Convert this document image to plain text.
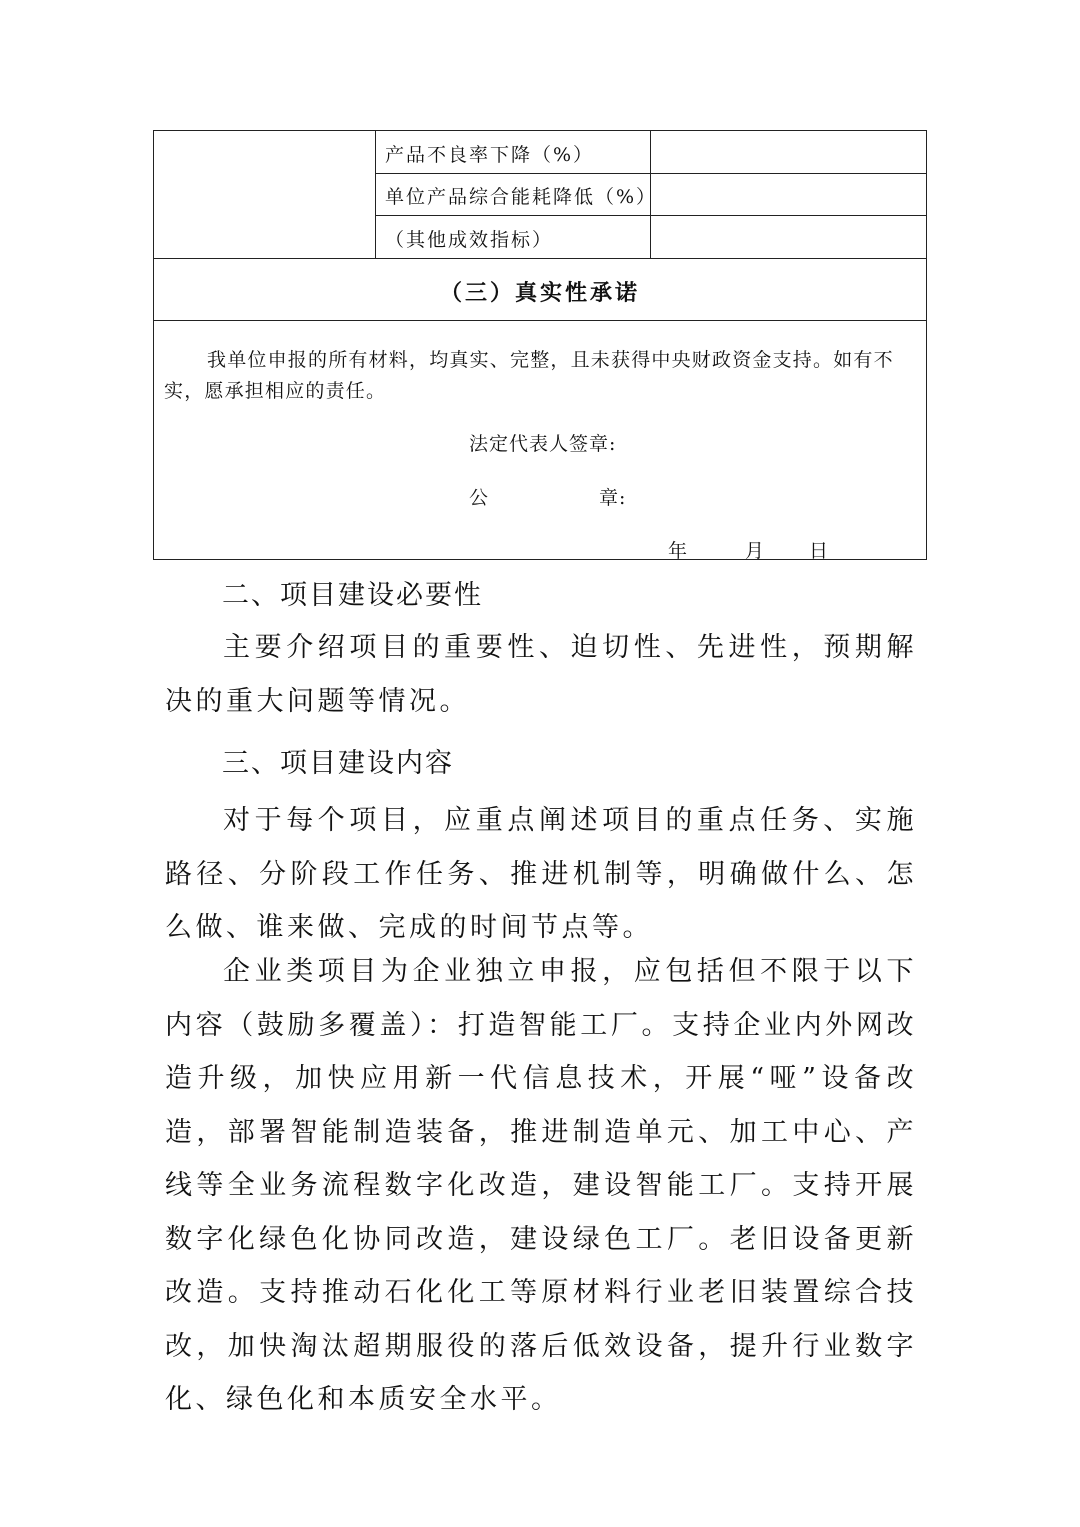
产品不良率下降（%）
单位产品综合能耗降低（%）
（其他成效指标）
（三）真实性承诺
我单位申报的所有材料，均真实、完整，且未获得中央财政资金支持。如有不实，愿承担相应的责任。
法定代表人签章:
公	章:
年	月 日
二、项目建设必要性
主要介绍项目的重要性、迫切性、先进性，预期解决的重大问题等情况。
三、项目建设内容
对于每个项目，应重点阐述项目的重点任务、实施路径、分阶段工作任务、推进机制等，明确做什么、怎么做、谁来做、完成的时间节点等。
企业类项目为企业独立申报，应包括但不限于以下内容（鼓励多覆盖）：打造智能工厂。支持企业内外网改造升级，加快应用新一代信息技术，开展“哑”设备改造，部署智能制造装备，推进制造单元、加工中心、产线等全业务流程数字化改造，建设智能工厂。支持开展数字化绿色化协同改造，建设绿色工厂。老旧设备更新改造。支持推动石化化工等原材料行业老旧装置综合技改，加快淘汰超期服役的落后低效设备，提升行业数字化、绿色化和本质安全水平。
